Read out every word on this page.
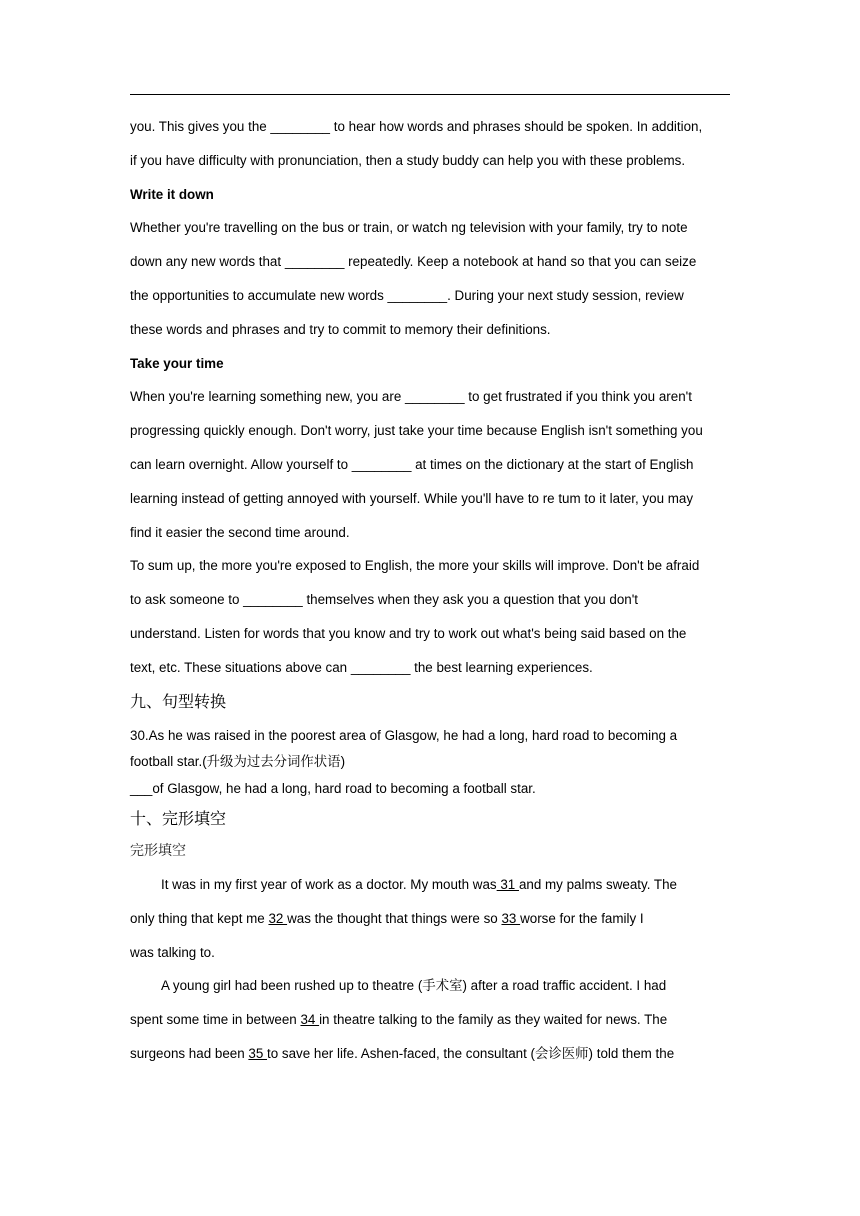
you. This gives you the ________ to hear how words and phrases should be spoken. In addition,

if you have difficulty with pronunciation, then a study buddy can help you with these problems.

Write it down

Whether you're travelling on the bus or train, or watch ng television with your family, try to note

down any new words that ________ repeatedly. Keep a notebook at hand so that you can seize

the opportunities to accumulate new words ________. During your next study session, review

these words and phrases and try to commit to memory their definitions.

Take your time

When you're learning something new, you are ________ to get frustrated if you think you aren't

progressing quickly enough. Don't worry, just take your time because English isn't something you

can learn overnight. Allow yourself to ________ at times on the dictionary at the start of English

learning instead of getting annoyed with yourself. While you'll have to re tum to it later, you may

find it easier the second time around.

To sum up, the more you're exposed to English, the more your skills will improve. Don't be afraid

to ask someone to ________ themselves when they ask you a question that you don't

understand. Listen for words that you know and try to work out what's being said based on the

text, etc. These situations above can ________ the best learning experiences.

九、句型转换

30.As he was raised in the poorest area of Glasgow, he had a long, hard road to becoming a

football star.(升级为过去分词作状语)

___of Glasgow, he had a long, hard road to becoming a football star.

十、完形填空

完形填空

It was in my first year of work as a doctor. My mouth was 31 and my palms sweaty. The

only thing that kept me 32 was the thought that things were so 33 worse for the family I

was talking to.

A young girl had been rushed up to theatre (手术室) after a road traffic accident. I had

spent some time in between 34 in theatre talking to the family as they waited for news. The

surgeons had been 35 to save her life. Ashen-faced, the consultant (会诊医师) told them the
